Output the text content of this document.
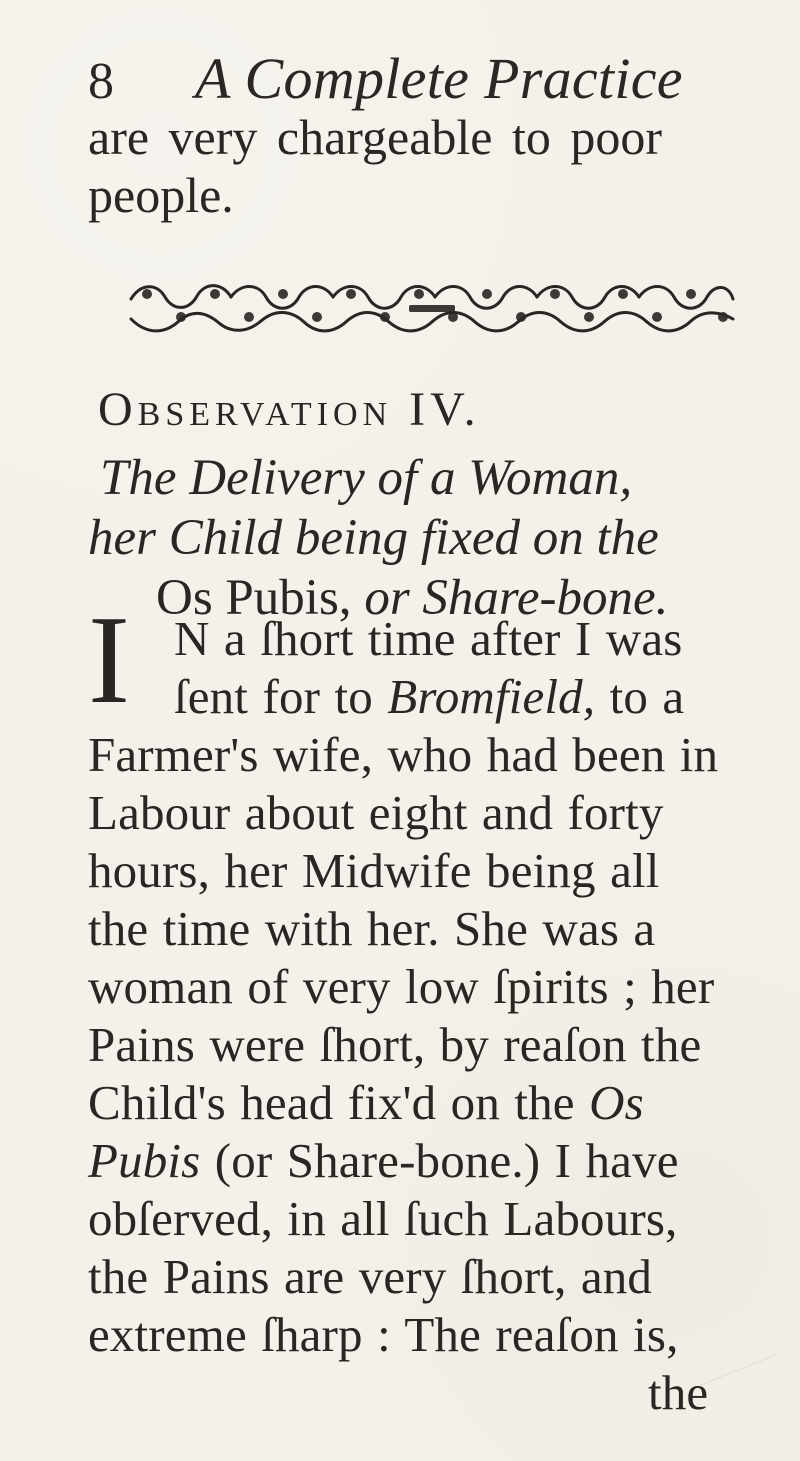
8 A Complete Practice
are very chargeable to poor
people.
Observation IV.
The Delivery of a Woman,
her Child being fixed on the
Os Pubis, or Share-bone.
I N a ſhort time after I was
ſent for to Bromfield, to a
Farmer's wife, who had been in
Labour about eight and forty
hours, her Midwife being all
the time with her. She was a
woman of very low ſpirits ; her
Pains were ſhort, by reaſon the
Child's head fix'd on the Os
Pubis (or Share-bone.) I have
obſerved, in all ſuch Labours,
the Pains are very ſhort, and
extreme ſharp : The reaſon is,
the
